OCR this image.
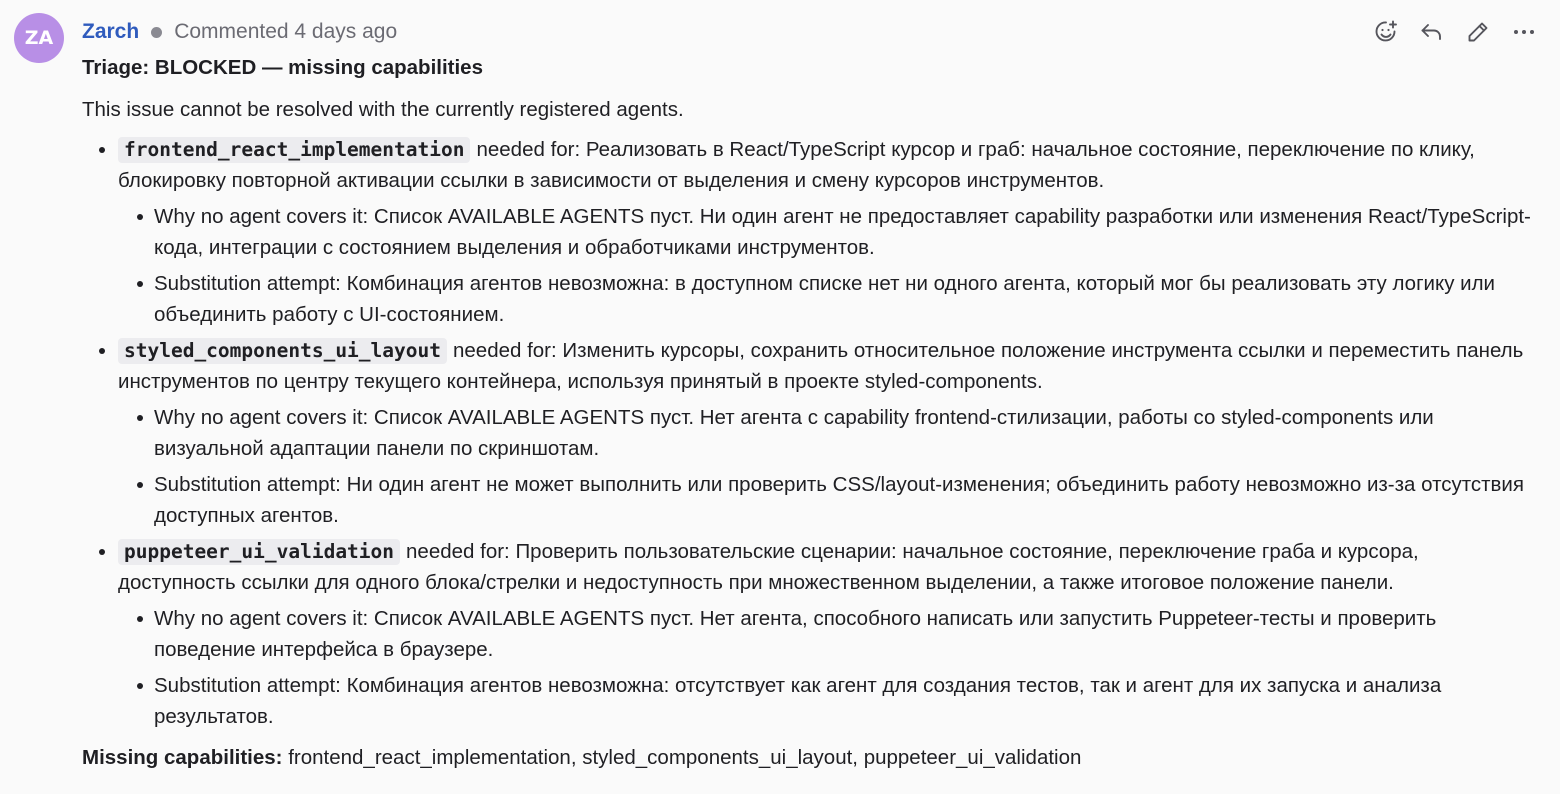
ZA Zarch Commented 4 days ago
Triage: BLOCKED — missing capabilities
This issue cannot be resolved with the currently registered agents.
frontend_react_implementation needed for: Реализовать в React/TypeScript курсор и граб: начальное состояние, переключение по клику, блокировку повторной активации ссылки в зависимости от выделения и смену курсоров инструментов.
Why no agent covers it: Список AVAILABLE AGENTS пуст. Ни один агент не предоставляет capability разработки или изменения React/TypeScript-кода, интеграции с состоянием выделения и обработчиками инструментов.
Substitution attempt: Комбинация агентов невозможна: в доступном списке нет ни одного агента, который мог бы реализовать эту логику или объединить работу с UI-состоянием.
styled_components_ui_layout needed for: Изменить курсоры, сохранить относительное положение инструмента ссылки и переместить панель инструментов по центру текущего контейнера, используя принятый в проекте styled-components.
Why no agent covers it: Список AVAILABLE AGENTS пуст. Нет агента с capability frontend-стилизации, работы со styled-components или визуальной адаптации панели по скриншотам.
Substitution attempt: Ни один агент не может выполнить или проверить CSS/layout-изменения; объединить работу невозможно из-за отсутствия доступных агентов.
puppeteer_ui_validation needed for: Проверить пользовательские сценарии: начальное состояние, переключение граба и курсора, доступность ссылки для одного блока/стрелки и недоступность при множественном выделении, а также итоговое положение панели.
Why no agent covers it: Список AVAILABLE AGENTS пуст. Нет агента, способного написать или запустить Puppeteer-тесты и проверить поведение интерфейса в браузере.
Substitution attempt: Комбинация агентов невозможна: отсутствует как агент для создания тестов, так и агент для их запуска и анализа результатов.
Missing capabilities: frontend_react_implementation, styled_components_ui_layout, puppeteer_ui_validation
